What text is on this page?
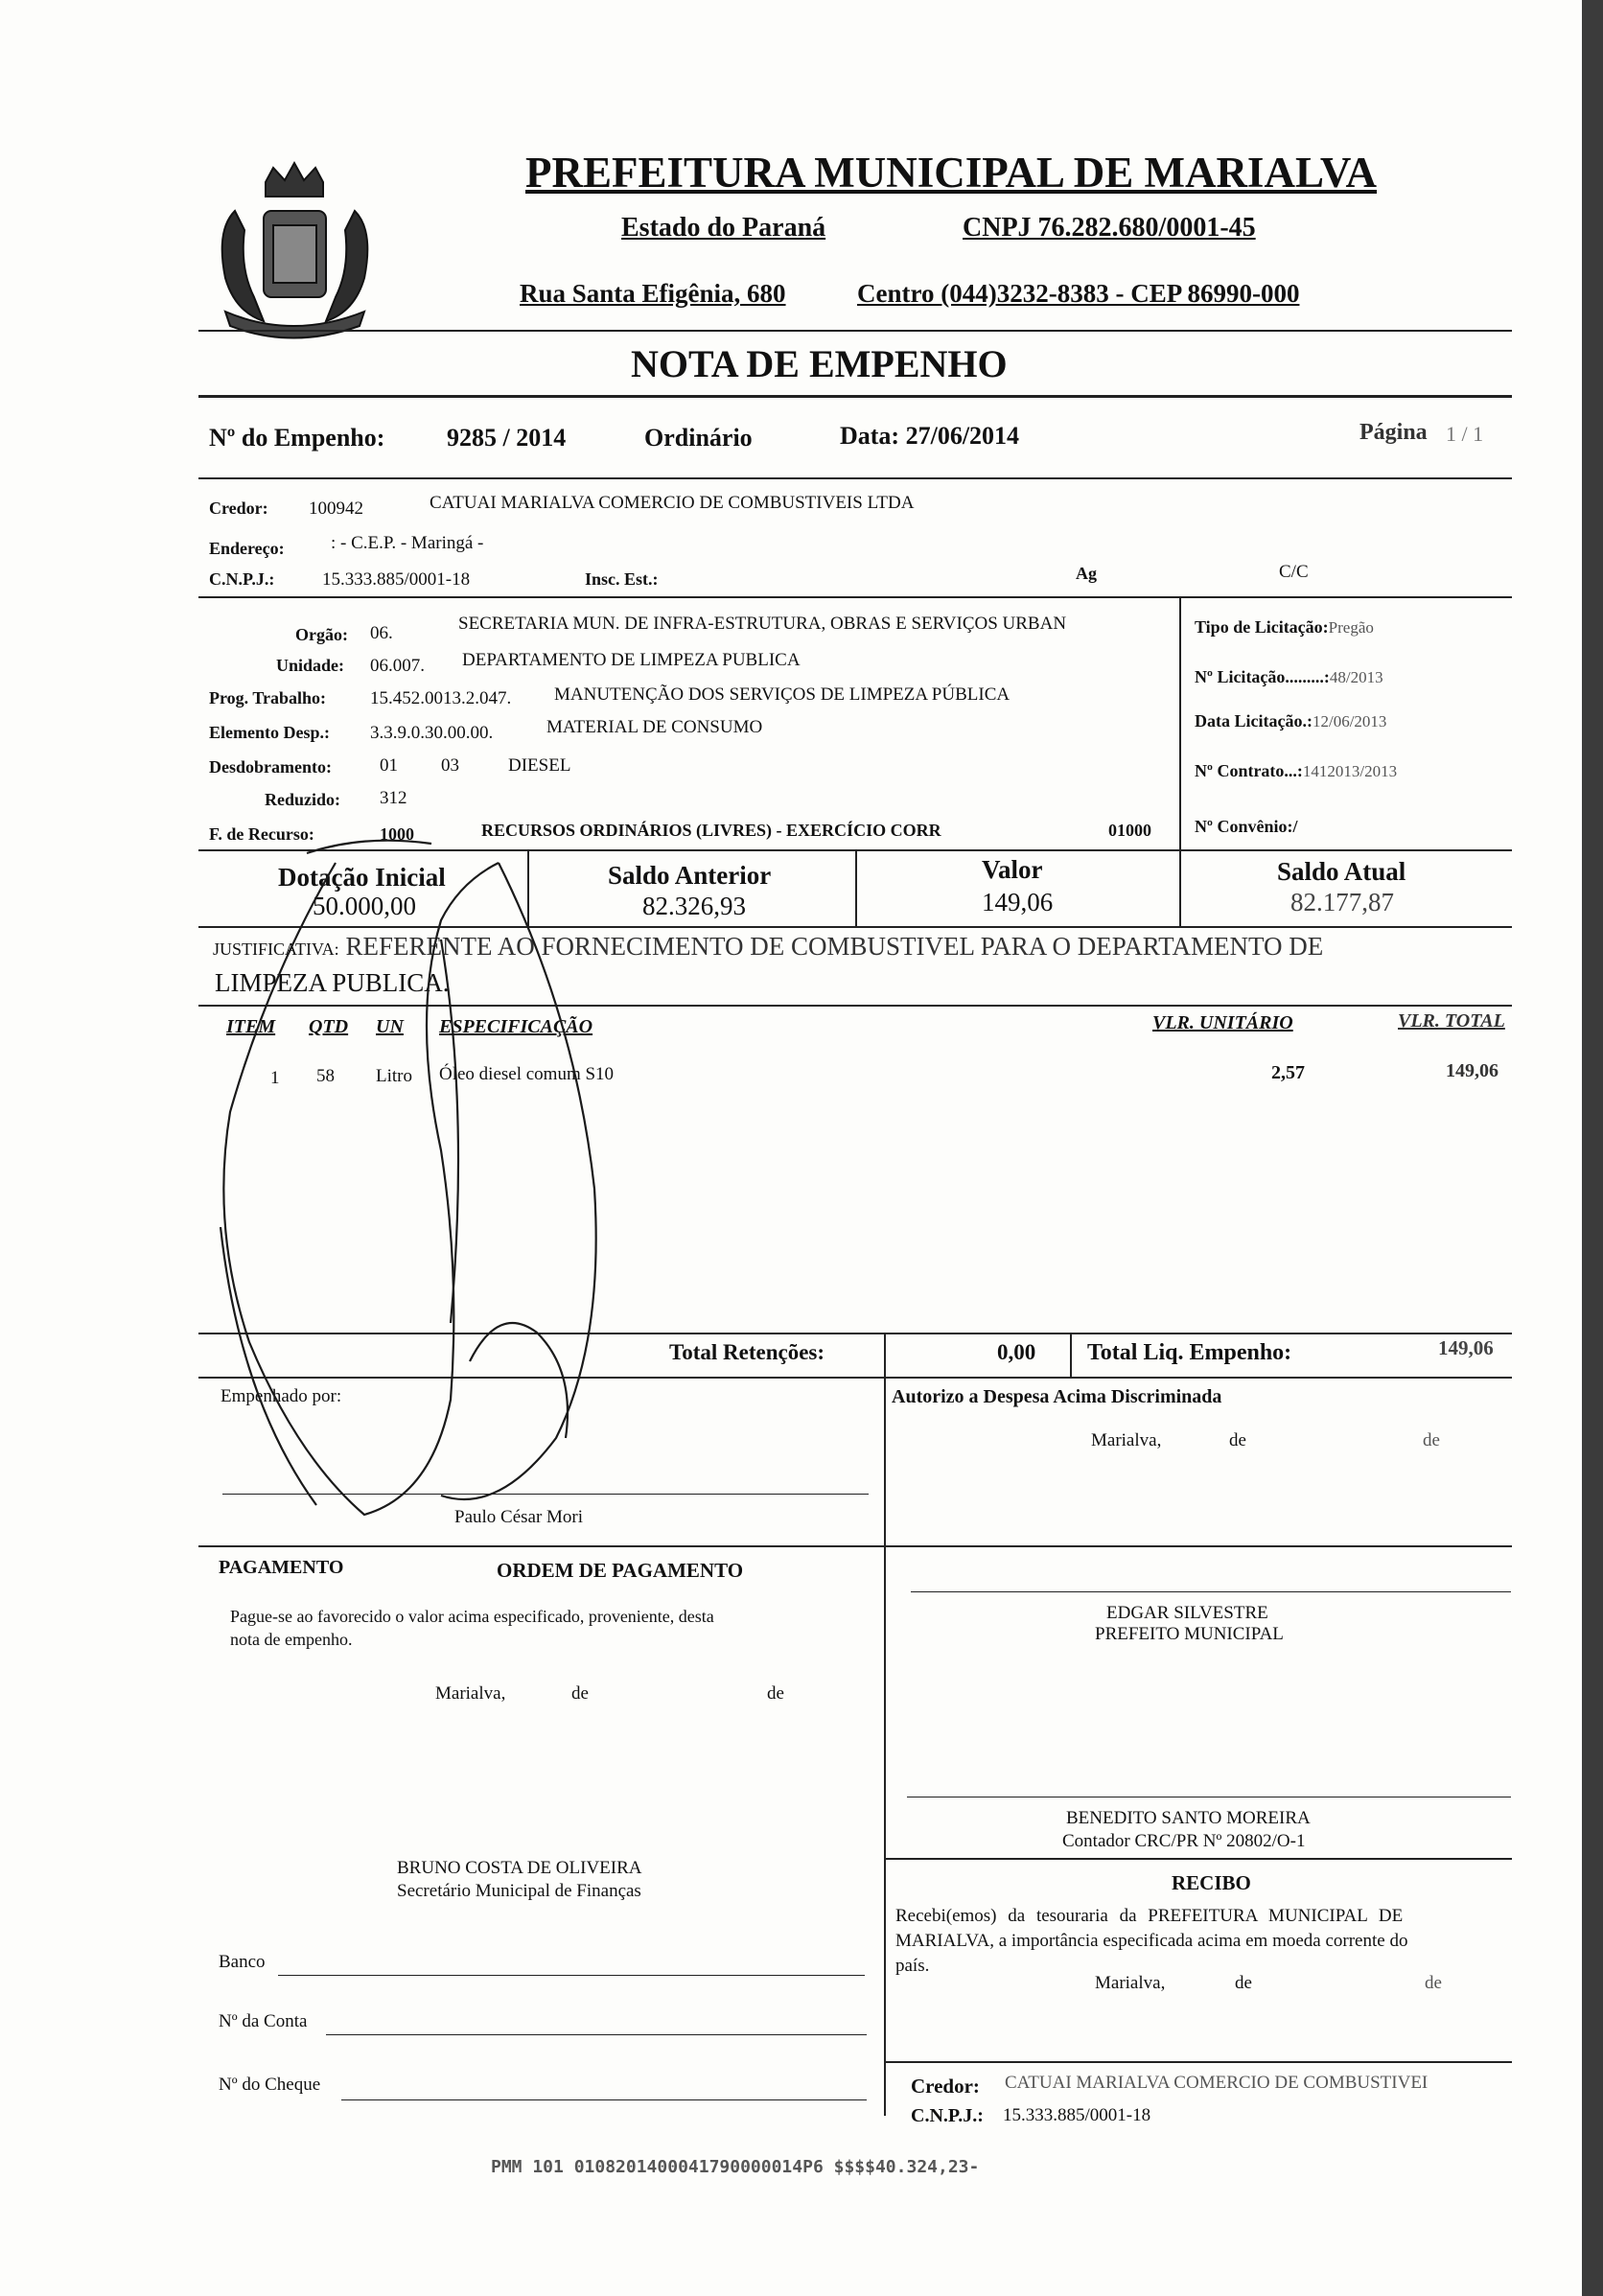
PREFEITURA MUNICIPAL DE MARIALVA
Estado do Paraná	CNPJ 76.282.680/0001-45
Rua Santa Efigênia, 680	Centro (044)3232-8383 - CEP 86990-000
NOTA DE EMPENHO
Nº do Empenho: 9285 / 2014	Ordinário	Data: 27/06/2014	Página 1 / 1
Credor: 100942	CATUAI MARIALVA COMERCIO DE COMBUSTIVEIS LTDA
Endereço:	: - C.E.P. - Maringá -
C.N.P.J.:	15.333.885/0001-18	Insc. Est.:	Ag	C/C
Orgão: 06.	SECRETARIA MUN. DE INFRA-ESTRUTURA, OBRAS E SERVIÇOS URBAN
Unidade: 06.007. DEPARTAMENTO DE LIMPEZA PUBLICA
Prog. Trabalho: 15.452.0013.2.047. MANUTENÇÃO DOS SERVIÇOS DE LIMPEZA PÚBLICA
Elemento Desp.: 3.3.9.0.30.00.00.	MATERIAL DE CONSUMO
Desdobramento:	01 03	DIESEL
Reduzido: 312
F. de Recurso:	1000	RECURSOS ORDINÁRIOS (LIVRES) - EXERCÍCIO CORR	01000
Tipo de Licitação:Pregão
Nº Licitação.........:48/2013
Data Licitação.:12/06/2013
Nº Contrato...:1412013/2013
Nº Convênio:/
Dotação Inicial
50.000,00
Saldo Anterior
82.326,93
Valor
149,06
Saldo Atual
82.177,87
JUSTIFICATIVA: REFERENTE AO FORNECIMENTO DE COMBUSTIVEL PARA O DEPARTAMENTO DE
LIMPEZA PUBLICA.
ITEM QTD UN ESPECIFICAÇÃO	VLR. UNITÁRIO	VLR. TOTAL
1 58 Litro Óleo diesel comum S10	2,57	149,06
Total Retenções:	0,00 Total Liq. Empenho:	149,06
Empenhado por:
Paulo César Mori
Autorizo a Despesa Acima Discriminada
Marialva,	de	de
PAGAMENTO	ORDEM DE PAGAMENTO
Pague-se ao favorecido o valor acima especificado, proveniente, desta
nota de empenho.
Marialva,	de	de
BRUNO COSTA DE OLIVEIRA
Secretário Municipal de Finanças
Banco
Nº da Conta
Nº do Cheque
EDGAR SILVESTRE
PREFEITO MUNICIPAL
BENEDITO SANTO MOREIRA
Contador CRC/PR Nº 20802/O-1
RECIBO
Recebi(emos) da tesouraria da PREFEITURA MUNICIPAL DE
MARIALVA, a importância especificada acima em moeda corrente do
país.
Marialva,	de	de
Credor: CATUAI MARIALVA COMERCIO DE COMBUSTIVEI
C.N.P.J.: 15.333.885/0001-18
PMM 101 0108201400041790000014P6 $$$$40.324,23-
